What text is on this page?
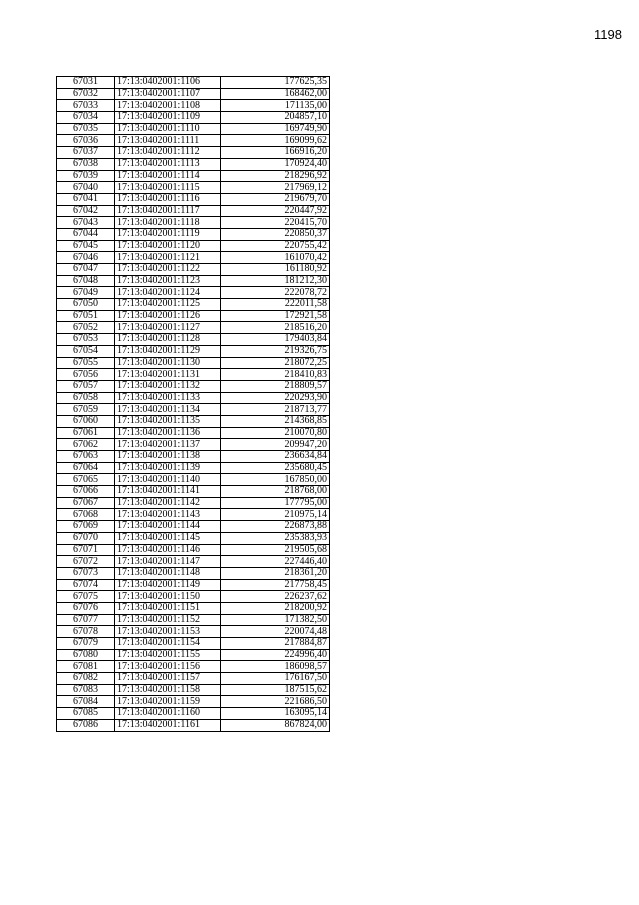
1198
67031	17:13:0402001:1106	177625,35
67032	17:13:0402001:1107	168462,00
67033	17:13:0402001:1108	171135,00
67034	17:13:0402001:1109	204857,10
67035	17:13:0402001:1110	169749,90
67036	17:13:0402001:1111	169099,62
67037	17:13:0402001:1112	166916,20
67038	17:13:0402001:1113	170924,40
67039	17:13:0402001:1114	218296,92
67040	17:13:0402001:1115	217969,12
67041	17:13:0402001:1116	219679,70
67042	17:13:0402001:1117	220447,92
67043	17:13:0402001:1118	220415,70
67044	17:13:0402001:1119	220850,37
67045	17:13:0402001:1120	220755,42
67046	17:13:0402001:1121	161070,42
67047	17:13:0402001:1122	161180,92
67048	17:13:0402001:1123	181212,30
67049	17:13:0402001:1124	222078,72
67050	17:13:0402001:1125	222011,58
67051	17:13:0402001:1126	172921,58
67052	17:13:0402001:1127	218516,20
67053	17:13:0402001:1128	179403,84
67054	17:13:0402001:1129	219326,75
67055	17:13:0402001:1130	218072,25
67056	17:13:0402001:1131	218410,83
67057	17:13:0402001:1132	218809,57
67058	17:13:0402001:1133	220293,90
67059	17:13:0402001:1134	218713,77
67060	17:13:0402001:1135	214368,85
67061	17:13:0402001:1136	210070,80
67062	17:13:0402001:1137	209947,20
67063	17:13:0402001:1138	236634,84
67064	17:13:0402001:1139	235680,45
67065	17:13:0402001:1140	167850,00
67066	17:13:0402001:1141	218768,00
67067	17:13:0402001:1142	177795,00
67068	17:13:0402001:1143	210975,14
67069	17:13:0402001:1144	226873,88
67070	17:13:0402001:1145	235383,93
67071	17:13:0402001:1146	219505,68
67072	17:13:0402001:1147	227446,40
67073	17:13:0402001:1148	218361,20
67074	17:13:0402001:1149	217758,45
67075	17:13:0402001:1150	226237,62
67076	17:13:0402001:1151	218200,92
67077	17:13:0402001:1152	171382,50
67078	17:13:0402001:1153	220074,48
67079	17:13:0402001:1154	217884,87
67080	17:13:0402001:1155	224996,40
67081	17:13:0402001:1156	186098,57
67082	17:13:0402001:1157	176167,50
67083	17:13:0402001:1158	187515,62
67084	17:13:0402001:1159	221686,50
67085	17:13:0402001:1160	163095,14
67086	17:13:0402001:1161	867824,00
